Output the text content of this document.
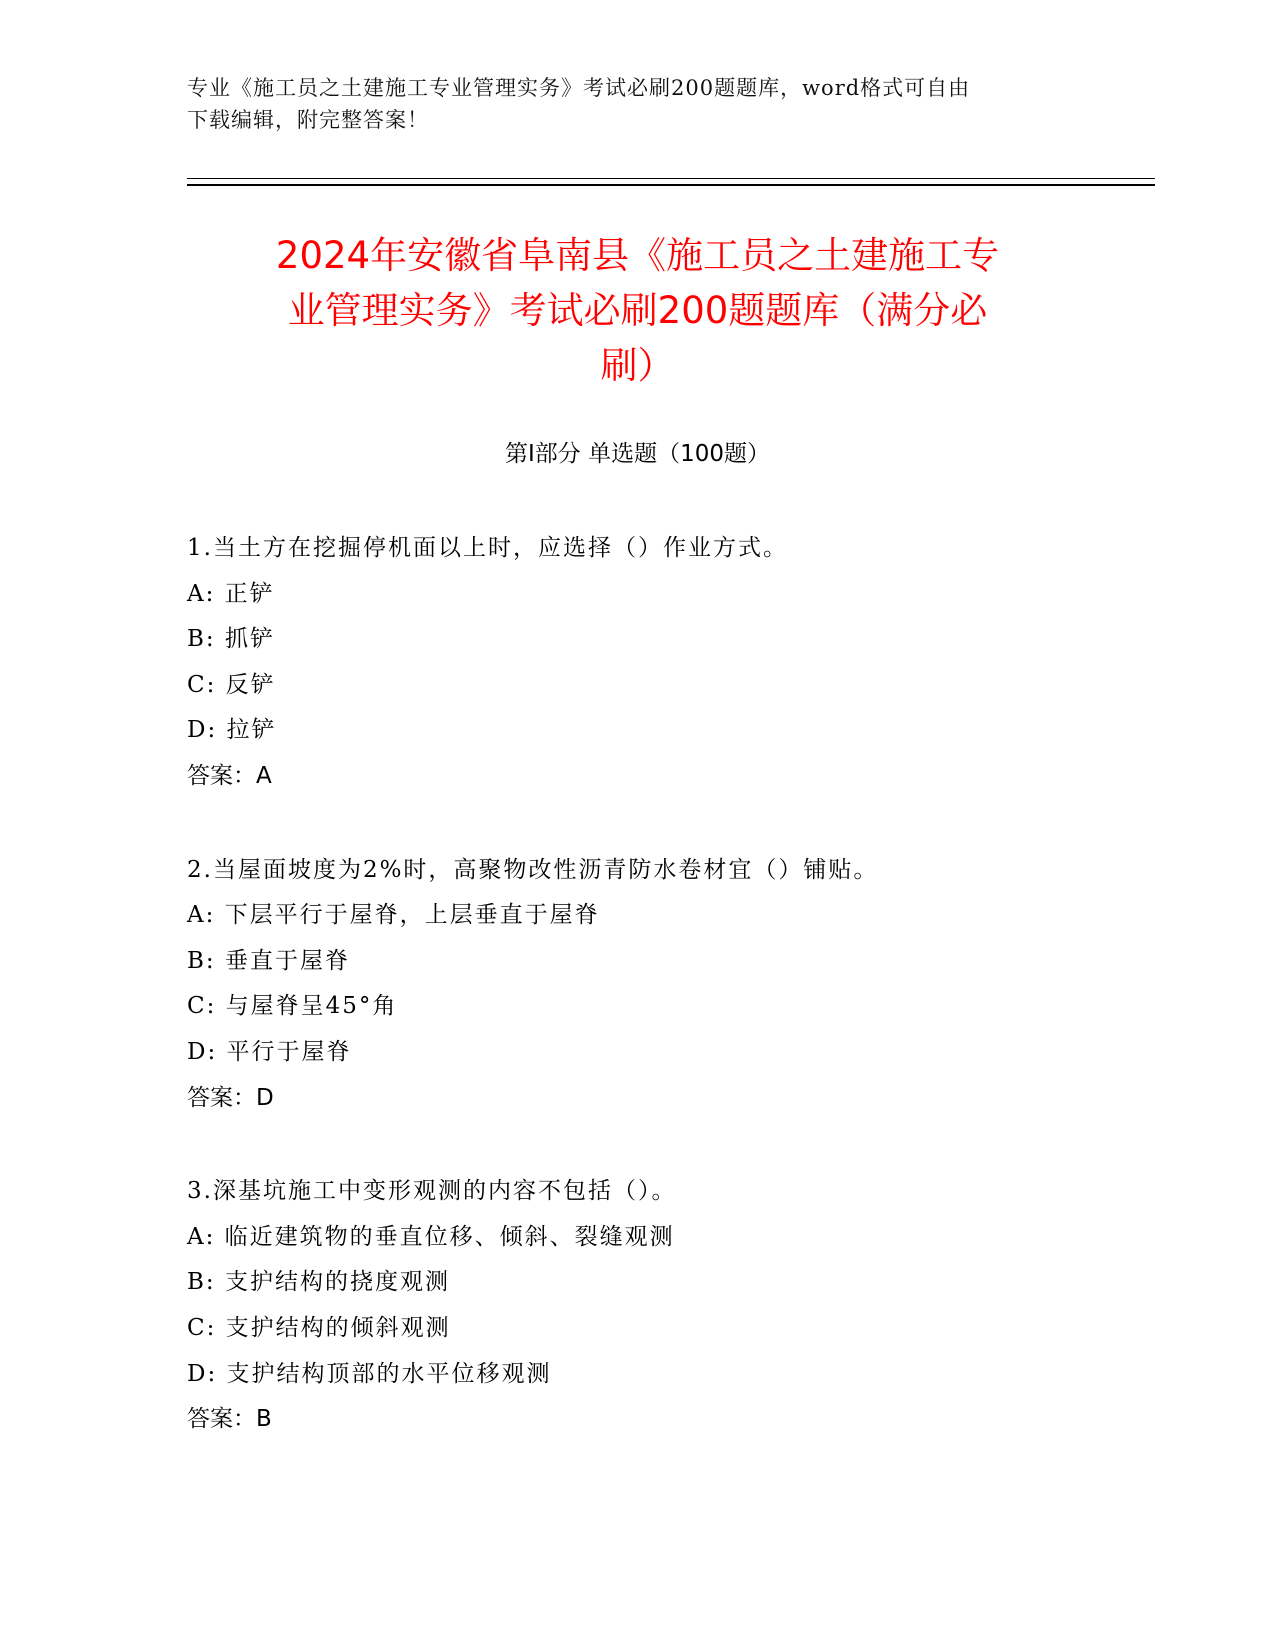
专业《施工员之土建施工专业管理实务》考试必刷200题题库，word格式可自由
下载编辑，附完整答案！
2024年安徽省阜南县《施工员之土建施工专
业管理实务》考试必刷200题题库（满分必
刷）
第Ⅰ部分 单选题（100题）
1.当土方在挖掘停机面以上时，应选择（）作业方式。
A: 正铲
B: 抓铲
C: 反铲
D: 拉铲
答案：A
2.当屋面坡度为2%时，高聚物改性沥青防水卷材宜（）铺贴。
A: 下层平行于屋脊，上层垂直于屋脊
B: 垂直于屋脊
C: 与屋脊呈45°角
D: 平行于屋脊
答案：D
3.深基坑施工中变形观测的内容不包括（）。
A: 临近建筑物的垂直位移、倾斜、裂缝观测
B: 支护结构的挠度观测
C: 支护结构的倾斜观测
D: 支护结构顶部的水平位移观测
答案：B
